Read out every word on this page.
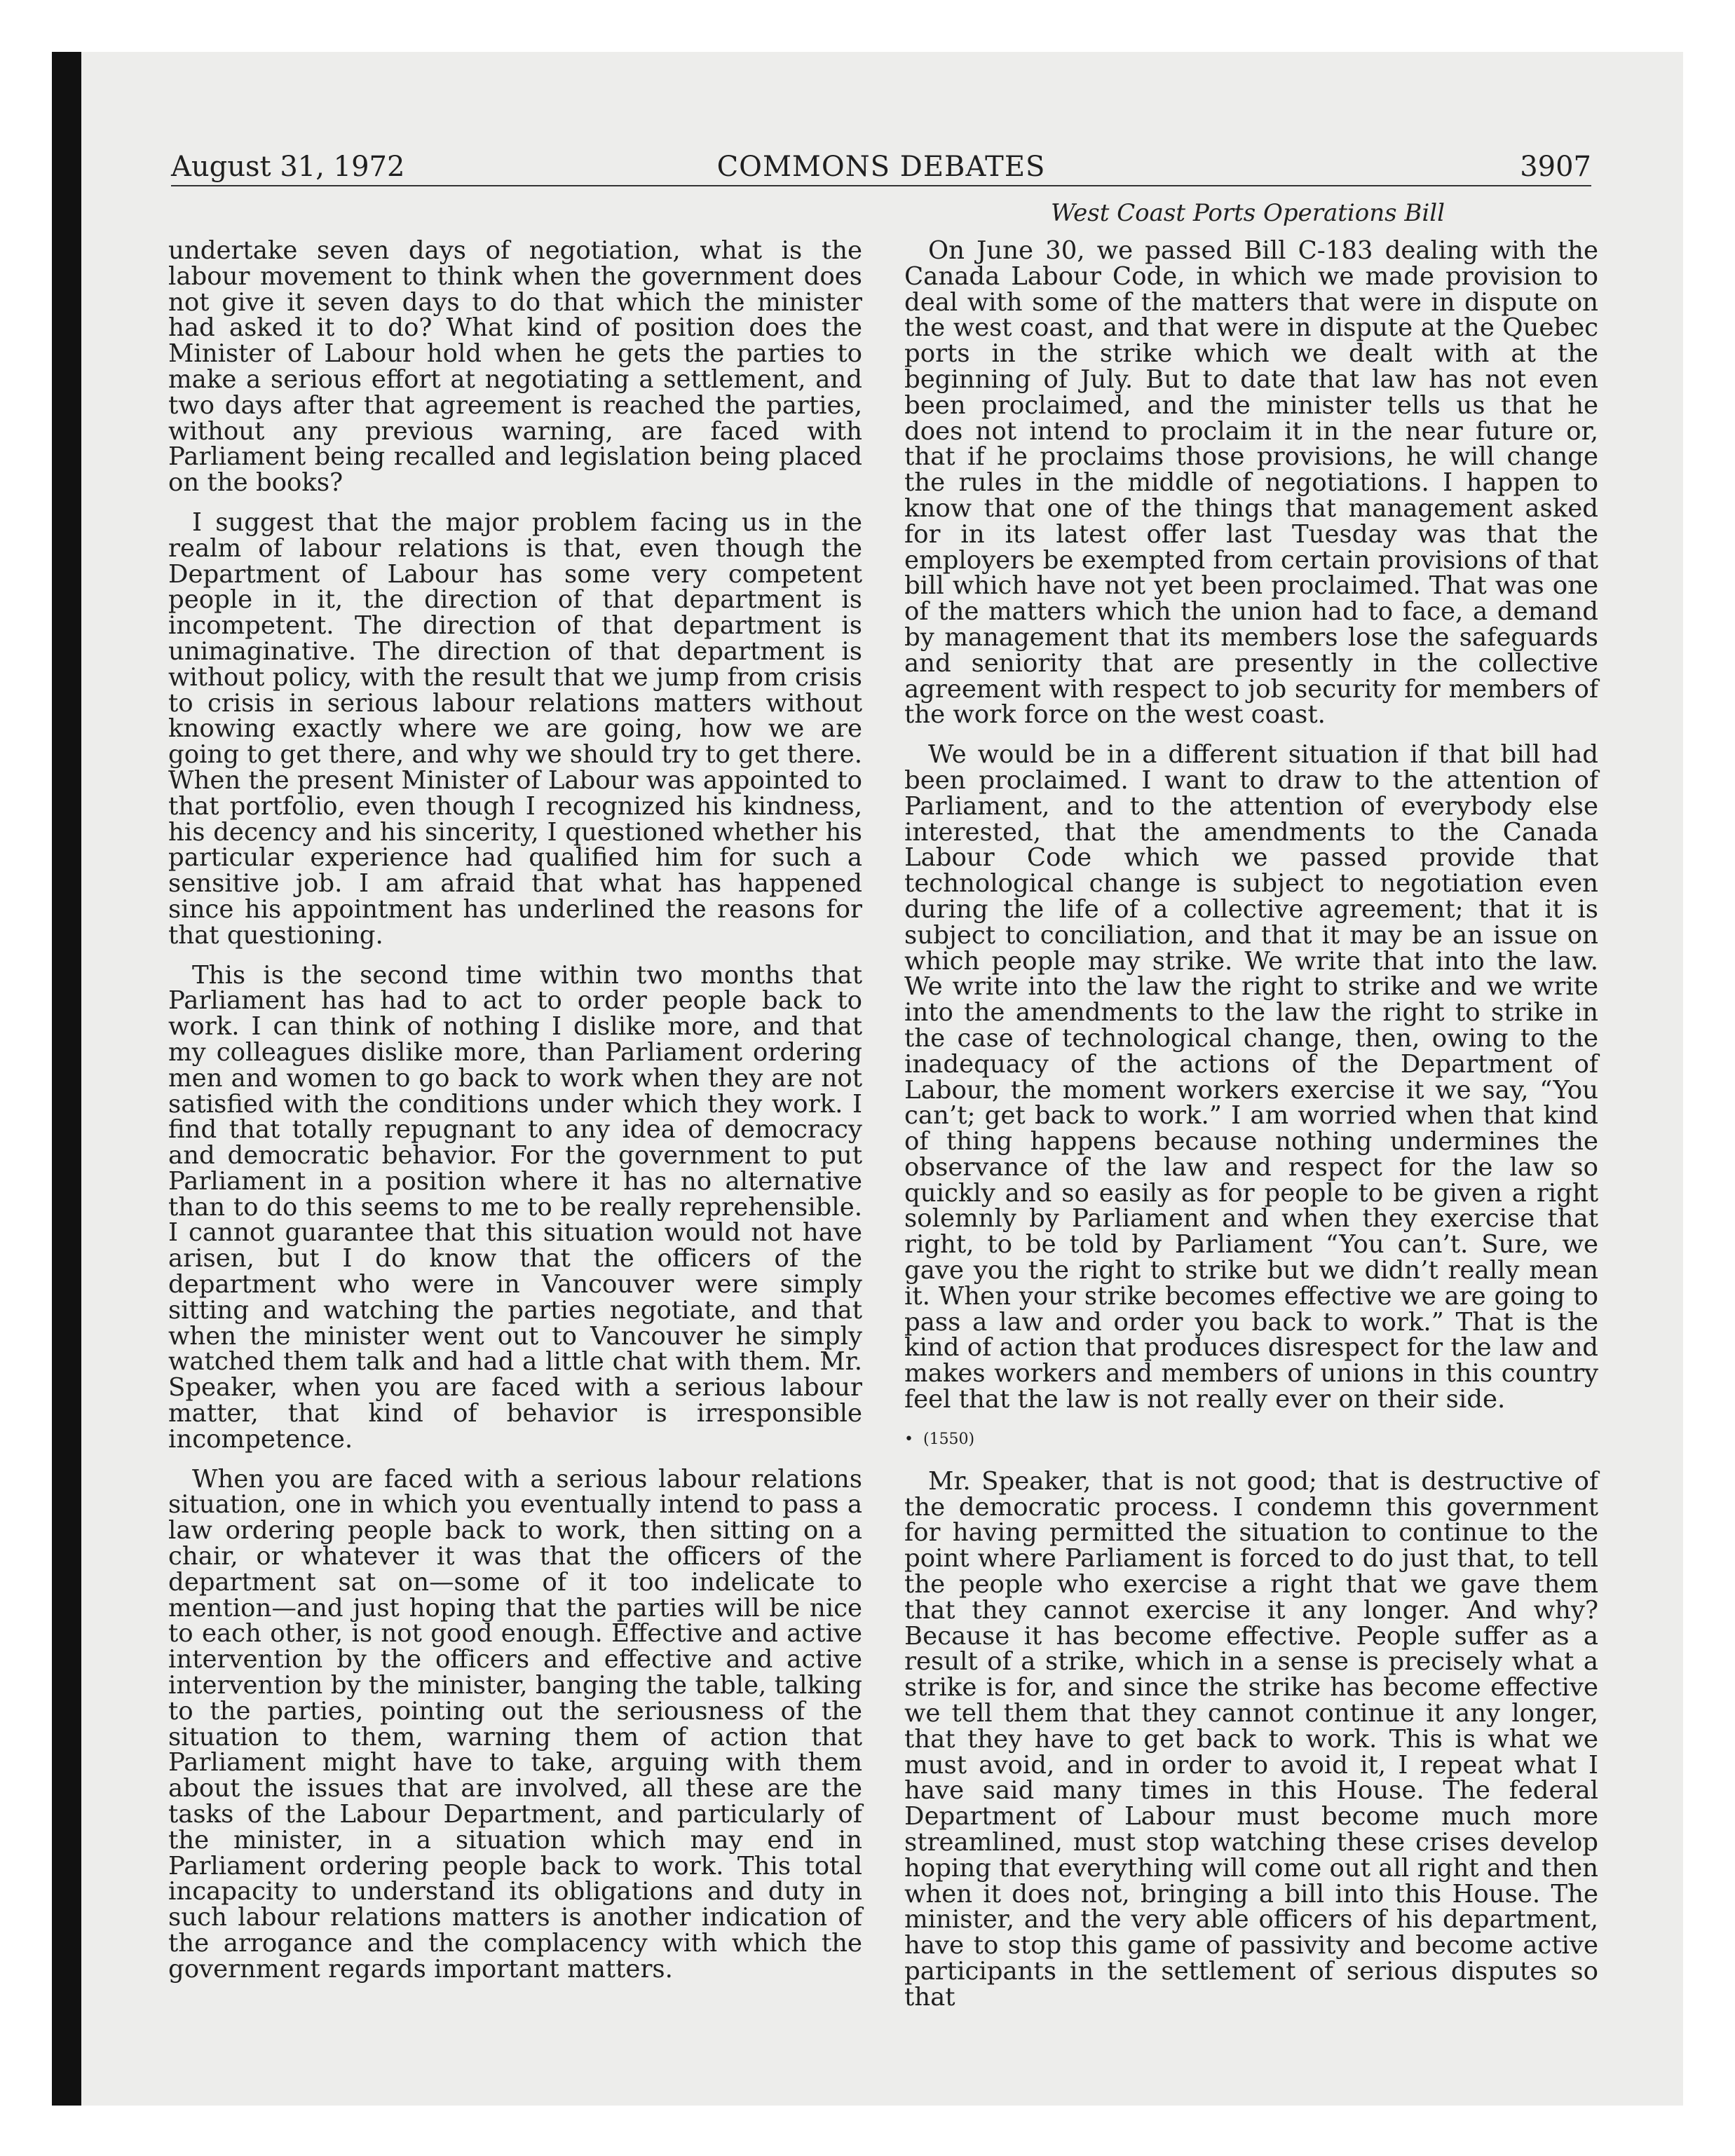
August 31, 1972	COMMONS DEBATES	3907
West Coast Ports Operations Bill

undertake seven days of negotiation, what is the labour movement to think when the government does not give it seven days to do that which the minister had asked it to do? What kind of position does the Minister of Labour hold when he gets the parties to make a serious effort at negotiating a settlement, and two days after that agreement is reached the parties, without any previous warning, are faced with Parliament being recalled and legislation being placed on the books?

I suggest that the major problem facing us in the realm of labour relations is that, even though the Department of Labour has some very competent people in it, the direction of that department is incompetent. The direction of that department is unimaginative. The direction of that department is without policy, with the result that we jump from crisis to crisis in serious labour relations matters without knowing exactly where we are going, how we are going to get there, and why we should try to get there. When the present Minister of Labour was appointed to that portfolio, even though I recognized his kindness, his decency and his sincerity, I questioned whether his particular experience had qualified him for such a sensitive job. I am afraid that what has happened since his appointment has underlined the reasons for that questioning.

This is the second time within two months that Parliament has had to act to order people back to work. I can think of nothing I dislike more, and that my colleagues dislike more, than Parliament ordering men and women to go back to work when they are not satisfied with the conditions under which they work. I find that totally repugnant to any idea of democracy and democratic behavior. For the government to put Parliament in a position where it has no alternative than to do this seems to me to be really reprehensible. I cannot guarantee that this situation would not have arisen, but I do know that the officers of the department who were in Vancouver were simply sitting and watching the parties negotiate, and that when the minister went out to Vancouver he simply watched them talk and had a little chat with them. Mr. Speaker, when you are faced with a serious labour matter, that kind of behavior is irresponsible incompetence.

When you are faced with a serious labour relations situation, one in which you eventually intend to pass a law ordering people back to work, then sitting on a chair, or whatever it was that the officers of the department sat on—some of it too indelicate to mention—and just hoping that the parties will be nice to each other, is not good enough. Effective and active intervention by the officers and effective and active intervention by the minister, banging the table, talking to the parties, pointing out the seriousness of the situation to them, warning them of action that Parliament might have to take, arguing with them about the issues that are involved, all these are the tasks of the Labour Department, and particularly of the minister, in a situation which may end in Parliament ordering people back to work. This total incapacity to understand its obligations and duty in such labour relations matters is another indication of the arrogance and the complacency with which the government regards important matters.

On June 30, we passed Bill C-183 dealing with the Canada Labour Code, in which we made provision to deal with some of the matters that were in dispute on the west coast, and that were in dispute at the Quebec ports in the strike which we dealt with at the beginning of July. But to date that law has not even been proclaimed, and the minister tells us that he does not intend to proclaim it in the near future or, that if he proclaims those provisions, he will change the rules in the middle of negotiations. I happen to know that one of the things that management asked for in its latest offer last Tuesday was that the employers be exempted from certain provisions of that bill which have not yet been proclaimed. That was one of the matters which the union had to face, a demand by management that its members lose the safeguards and seniority that are presently in the collective agreement with respect to job security for members of the work force on the west coast.

We would be in a different situation if that bill had been proclaimed. I want to draw to the attention of Parliament, and to the attention of everybody else interested, that the amendments to the Canada Labour Code which we passed provide that technological change is subject to negotiation even during the life of a collective agreement; that it is subject to conciliation, and that it may be an issue on which people may strike. We write that into the law. We write into the law the right to strike and we write into the amendments to the law the right to strike in the case of technological change, then, owing to the inadequacy of the actions of the Department of Labour, the moment workers exercise it we say, “You can’t; get back to work.” I am worried when that kind of thing happens because nothing undermines the observance of the law and respect for the law so quickly and so easily as for people to be given a right solemnly by Parliament and when they exercise that right, to be told by Parliament “You can’t. Sure, we gave you the right to strike but we didn’t really mean it. When your strike becomes effective we are going to pass a law and order you back to work.” That is the kind of action that produces disrespect for the law and makes workers and members of unions in this country feel that the law is not really ever on their side.

• (1550)

Mr. Speaker, that is not good; that is destructive of the democratic process. I condemn this government for having permitted the situation to continue to the point where Parliament is forced to do just that, to tell the people who exercise a right that we gave them that they cannot exercise it any longer. And why? Because it has become effective. People suffer as a result of a strike, which in a sense is precisely what a strike is for, and since the strike has become effective we tell them that they cannot continue it any longer, that they have to get back to work. This is what we must avoid, and in order to avoid it, I repeat what I have said many times in this House. The federal Department of Labour must become much more streamlined, must stop watching these crises develop hoping that everything will come out all right and then when it does not, bringing a bill into this House. The minister, and the very able officers of his department, have to stop this game of passivity and become active participants in the settlement of serious disputes so that
